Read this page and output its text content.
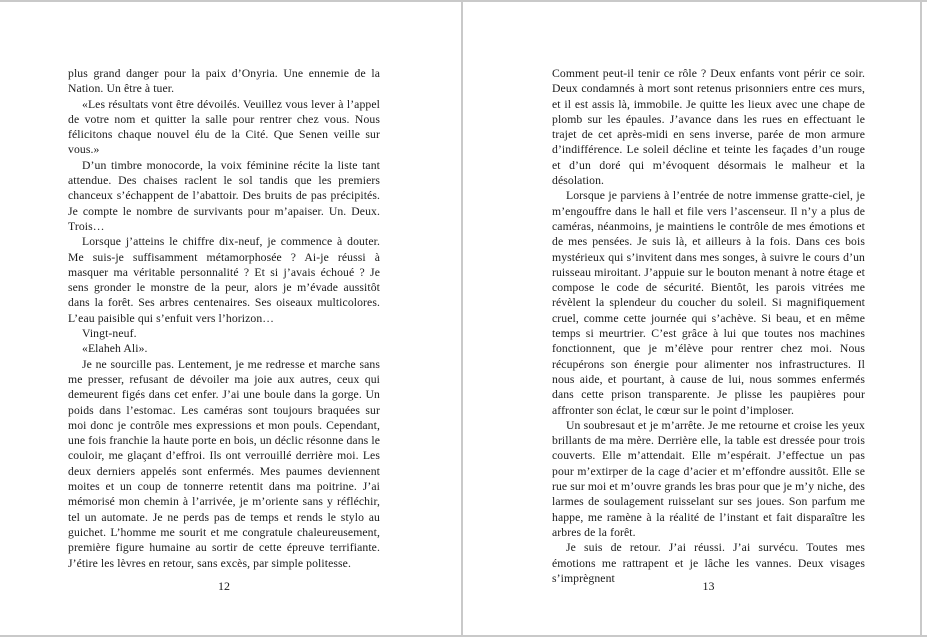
plus grand danger pour la paix d’Onyria. Une ennemie de la Nation. Un être à tuer.

«Les résultats vont être dévoilés. Veuillez vous lever à l’appel de votre nom et quitter la salle pour rentrer chez vous. Nous félicitons chaque nouvel élu de la Cité. Que Senen veille sur vous.»

D’un timbre monocorde, la voix féminine récite la liste tant attendue. Des chaises raclent le sol tandis que les premiers chanceux s’échappent de l’abattoir. Des bruits de pas précipités. Je compte le nombre de survivants pour m’apaiser. Un. Deux. Trois…

Lorsque j’atteins le chiffre dix-neuf, je commence à douter. Me suis-je suffisamment métamorphosée ? Ai-je réussi à masquer ma véritable personnalité ? Et si j’avais échoué ? Je sens gronder le monstre de la peur, alors je m’évade aussitôt dans la forêt. Ses arbres centenaires. Ses oiseaux multicolores. L’eau paisible qui s’enfuit vers l’horizon…

Vingt-neuf.

«Elaheh Ali».

Je ne sourcille pas. Lentement, je me redresse et marche sans me presser, refusant de dévoiler ma joie aux autres, ceux qui demeurent figés dans cet enfer. J’ai une boule dans la gorge. Un poids dans l’estomac. Les caméras sont toujours braquées sur moi donc je contrôle mes expressions et mon pouls. Cependant, une fois franchie la haute porte en bois, un déclic résonne dans le couloir, me glaçant d’effroi. Ils ont verrouillé derrière moi. Les deux derniers appelés sont enfermés. Mes paumes deviennent moites et un coup de tonnerre retentit dans ma poitrine. J’ai mémorisé mon chemin à l’arrivée, je m’oriente sans y réfléchir, tel un automate. Je ne perds pas de temps et rends le stylo au guichet. L’homme me sourit et me congratule chaleureusement, première figure humaine au sortir de cette épreuve terrifiante. J’étire les lèvres en retour, sans excès, par simple politesse.

12

Comment peut-il tenir ce rôle ? Deux enfants vont périr ce soir. Deux condamnés à mort sont retenus prisonniers entre ces murs, et il est assis là, immobile. Je quitte les lieux avec une chape de plomb sur les épaules. J’avance dans les rues en effectuant le trajet de cet après-midi en sens inverse, parée de mon armure d’indifférence. Le soleil décline et teinte les façades d’un rouge et d’un doré qui m’évoquent désormais le malheur et la désolation.

Lorsque je parviens à l’entrée de notre immense gratte-ciel, je m’engouffre dans le hall et file vers l’ascenseur. Il n’y a plus de caméras, néanmoins, je maintiens le contrôle de mes émotions et de mes pensées. Je suis là, et ailleurs à la fois. Dans ces bois mystérieux qui s’invitent dans mes songes, à suivre le cours d’un ruisseau miroitant. J’appuie sur le bouton menant à notre étage et compose le code de sécurité. Bientôt, les parois vitrées me révèlent la splendeur du coucher du soleil. Si magnifiquement cruel, comme cette journée qui s’achève. Si beau, et en même temps si meurtrier. C’est grâce à lui que toutes nos machines fonctionnent, que je m’élève pour rentrer chez moi. Nous récupérons son énergie pour alimenter nos infrastructures. Il nous aide, et pourtant, à cause de lui, nous sommes enfermés dans cette prison transparente. Je plisse les paupières pour affronter son éclat, le cœur sur le point d’imploser.

Un soubresaut et je m’arrête. Je me retourne et croise les yeux brillants de ma mère. Derrière elle, la table est dressée pour trois couverts. Elle m’attendait. Elle m’espérait. J’effectue un pas pour m’extirper de la cage d’acier et m’effondre aussitôt. Elle se rue sur moi et m’ouvre grands les bras pour que je m’y niche, des larmes de soulagement ruisselant sur ses joues. Son parfum me happe, me ramène à la réalité de l’instant et fait disparaître les arbres de la forêt.

Je suis de retour. J’ai réussi. J’ai survécu. Toutes mes émotions me rattrapent et je lâche les vannes. Deux visages s’imprègnent

13
